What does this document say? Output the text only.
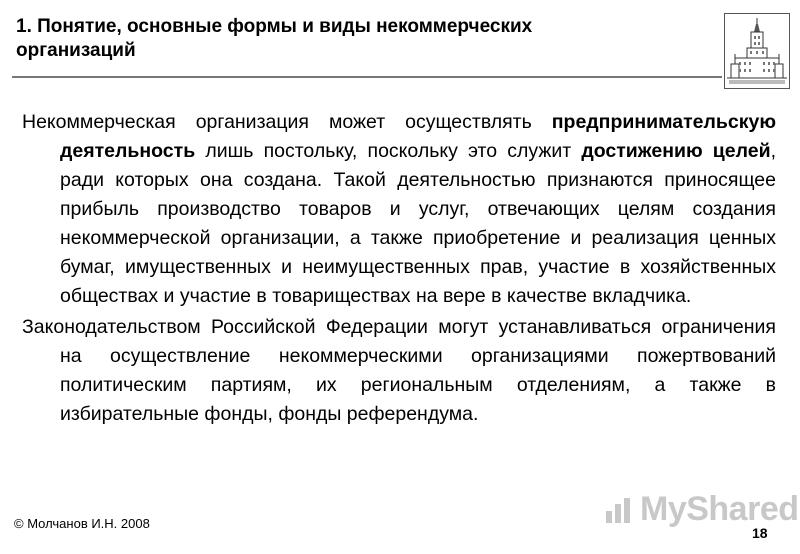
1. Понятие, основные формы и виды некоммерческих организаций

Некоммерческая организация может осуществлять предпринимательскую деятельность лишь постольку, поскольку это служит достижению целей, ради которых она создана. Такой деятельностью признаются приносящее прибыль производство товаров и услуг, отвечающих целям создания некоммерческой организации, а также приобретение и реализация ценных бумаг, имущественных и неимущественных прав, участие в хозяйственных обществах и участие в товариществах на вере в качестве вкладчика.

Законодательством Российской Федерации могут устанавливаться ограничения на осуществление некоммерческими организациями пожертвований политическим партиям, их региональным отделениям, а также в избирательные фонды, фонды референдума.

MyShared
© Молчанов И.Н. 2008
18
